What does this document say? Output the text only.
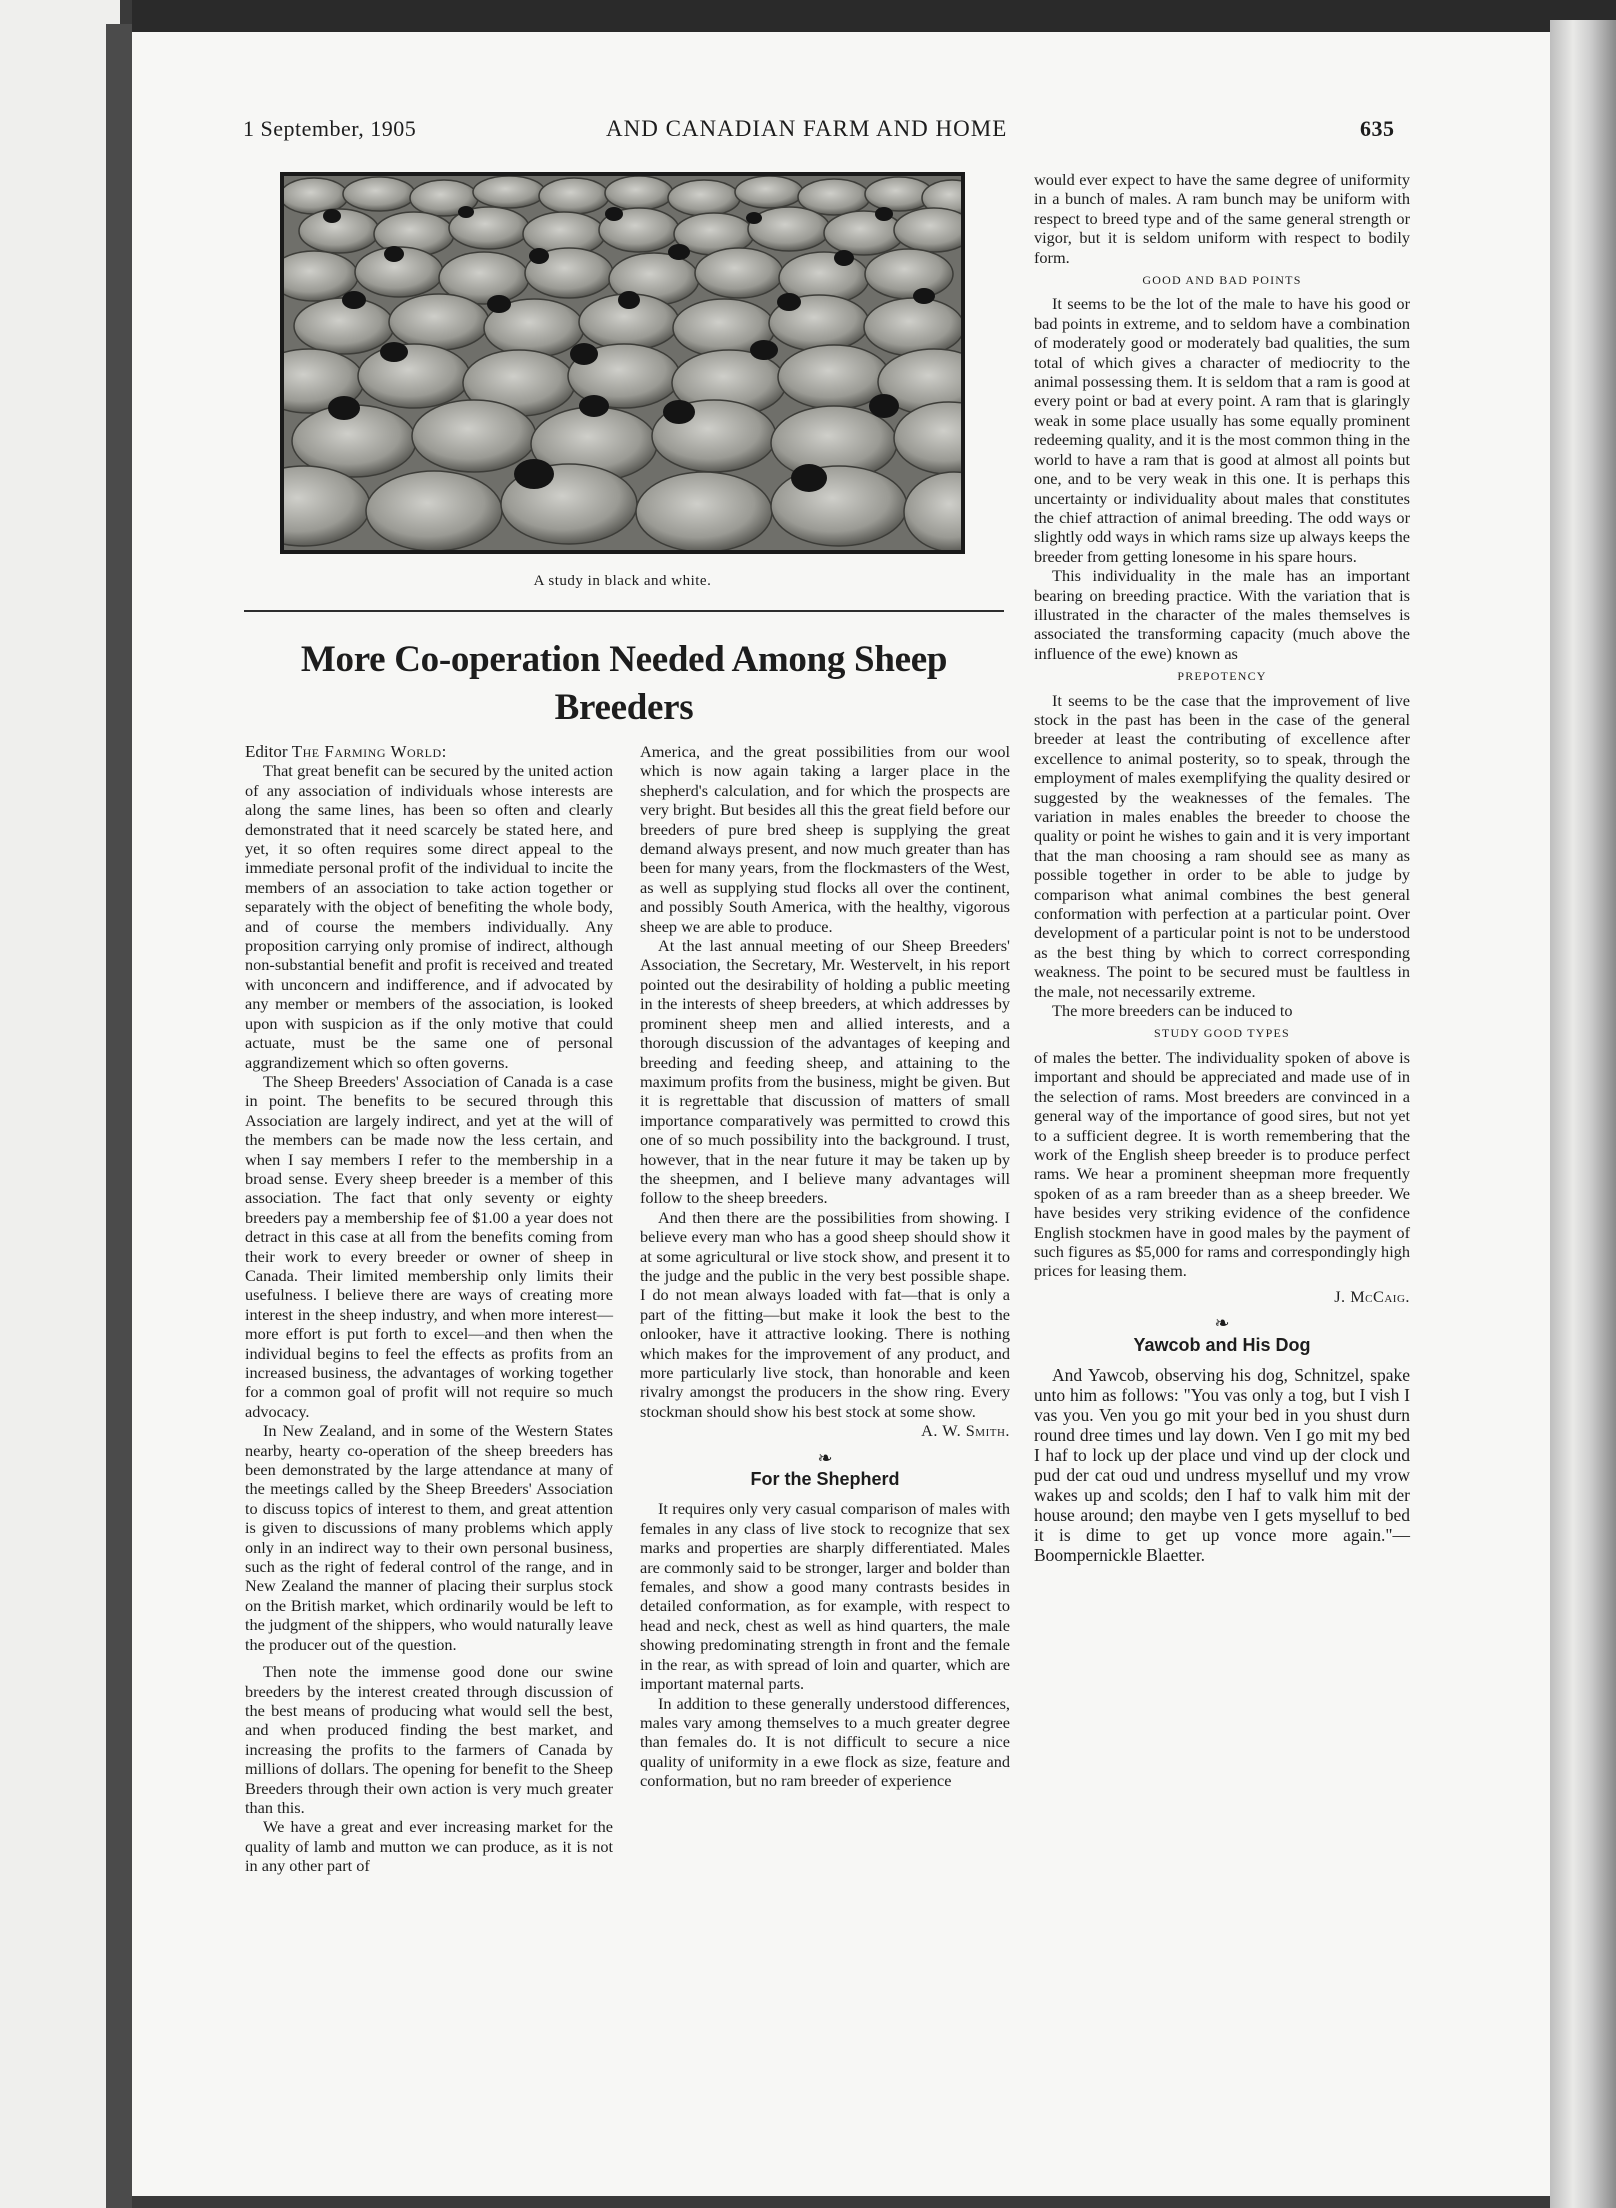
1 September, 1905	AND CANADIAN FARM AND HOME	635
A study in black and white.
More Co-operation Needed Among Sheep Breeders

Editor The Farming World:

That great benefit can be secured by the united action of any association of individuals whose interests are along the same lines, has been so often and clearly demonstrated that it need scarcely be stated here, and yet, it so often requires some direct appeal to the immediate personal profit of the individual to incite the members of an association to take action together or separately with the object of benefiting the whole body, and of course the members individually. Any proposition carrying only promise of indirect, although non-substantial benefit and profit is received and treated with unconcern and indifference, and if advocated by any member or members of the association, is looked upon with suspicion as if the only motive that could actuate, must be the same one of personal aggrandizement which so often governs.

The Sheep Breeders' Association of Canada is a case in point. The benefits to be secured through this Association are largely indirect, and yet at the will of the members can be made now the less certain, and when I say members I refer to the membership in a broad sense. Every sheep breeder is a member of this association. The fact that only seventy or eighty breeders pay a membership fee of $1.00 a year does not detract in this case at all from the benefits coming from their work to every breeder or owner of sheep in Canada. Their limited membership only limits their usefulness. I believe there are ways of creating more interest in the sheep industry, and when more interest—more effort is put forth to excel—and then when the individual begins to feel the effects as profits from an increased business, the advantages of working together for a common goal of profit will not require so much advocacy.

In New Zealand, and in some of the Western States nearby, hearty co-operation of the sheep breeders has been demonstrated by the large attendance at many of the meetings called by the Sheep Breeders' Association to discuss topics of interest to them, and great attention is given to discussions of many problems which apply only in an indirect way to their own personal business, such as the right of federal control of the range, and in New Zealand the manner of placing their surplus stock on the British market, which ordinarily would be left to the judgment of the shippers, who would naturally leave the producer out of the question.

Then note the immense good done our swine breeders by the interest created through discussion of the best means of producing what would sell the best, and when produced finding the best market, and increasing the profits to the farmers of Canada by millions of dollars. The opening for benefit to the Sheep Breeders through their own action is very much greater than this.

We have a great and ever increasing market for the quality of lamb and mutton we can produce, as it is not in any other part of

America, and the great possibilities from our wool which is now again taking a larger place in the shepherd's calculation, and for which the prospects are very bright. But besides all this the great field before our breeders of pure bred sheep is supplying the great demand always present, and now much greater than has been for many years, from the flockmasters of the West, as well as supplying stud flocks all over the continent, and possibly South America, with the healthy, vigorous sheep we are able to produce.

At the last annual meeting of our Sheep Breeders' Association, the Secretary, Mr. Westervelt, in his report pointed out the desirability of holding a public meeting in the interests of sheep breeders, at which addresses by prominent sheep men and allied interests, and a thorough discussion of the advantages of keeping and breeding and feeding sheep, and attaining to the maximum profits from the business, might be given. But it is regrettable that discussion of matters of small importance comparatively was permitted to crowd this one of so much possibility into the background. I trust, however, that in the near future it may be taken up by the sheepmen, and I believe many advantages will follow to the sheep breeders.

And then there are the possibilities from showing. I believe every man who has a good sheep should show it at some agricultural or live stock show, and present it to the judge and the public in the very best possible shape. I do not mean always loaded with fat—that is only a part of the fitting—but make it look the best to the onlooker, have it attractive looking. There is nothing which makes for the improvement of any product, and more particularly live stock, than honorable and keen rivalry amongst the producers in the show ring. Every stockman should show his best stock at some show.

A. W. Smith.

❧
For the Shepherd

It requires only very casual comparison of males with females in any class of live stock to recognize that sex marks and properties are sharply differentiated. Males are commonly said to be stronger, larger and bolder than females, and show a good many contrasts besides in detailed conformation, as for example, with respect to head and neck, chest as well as hind quarters, the male showing predominating strength in front and the female in the rear, as with spread of loin and quarter, which are important maternal parts.

In addition to these generally understood differences, males vary among themselves to a much greater degree than females do. It is not difficult to secure a nice quality of uniformity in a ewe flock as size, feature and conformation, but no ram breeder of experience

would ever expect to have the same degree of uniformity in a bunch of males. A ram bunch may be uniform with respect to breed type and of the same general strength or vigor, but it is seldom uniform with respect to bodily form.

GOOD AND BAD POINTS

It seems to be the lot of the male to have his good or bad points in extreme, and to seldom have a combination of moderately good or moderately bad qualities, the sum total of which gives a character of mediocrity to the animal possessing them. It is seldom that a ram is good at every point or bad at every point. A ram that is glaringly weak in some place usually has some equally prominent redeeming quality, and it is the most common thing in the world to have a ram that is good at almost all points but one, and to be very weak in this one. It is perhaps this uncertainty or individuality about males that constitutes the chief attraction of animal breeding. The odd ways or slightly odd ways in which rams size up always keeps the breeder from getting lonesome in his spare hours.

This individuality in the male has an important bearing on breeding practice. With the variation that is illustrated in the character of the males themselves is associated the transforming capacity (much above the influence of the ewe) known as

PREPOTENCY

It seems to be the case that the improvement of live stock in the past has been in the case of the general breeder at least the contributing of excellence after excellence to animal posterity, so to speak, through the employment of males exemplifying the quality desired or suggested by the weaknesses of the females. The variation in males enables the breeder to choose the quality or point he wishes to gain and it is very important that the man choosing a ram should see as many as possible together in order to be able to judge by comparison what animal combines the best general conformation with perfection at a particular point. Over development of a particular point is not to be understood as the best thing by which to correct corresponding weakness. The point to be secured must be faultless in the male, not necessarily extreme.

The more breeders can be induced to

STUDY GOOD TYPES

of males the better. The individuality spoken of above is important and should be appreciated and made use of in the selection of rams. Most breeders are convinced in a general way of the importance of good sires, but not yet to a sufficient degree. It is worth remembering that the work of the English sheep breeder is to produce perfect rams. We hear a prominent sheepman more frequently spoken of as a ram breeder than as a sheep breeder. We have besides very striking evidence of the confidence English stockmen have in good males by the payment of such figures as $5,000 for rams and correspondingly high prices for leasing them.

J. McCaig.

❧
Yawcob and His Dog

And Yawcob, observing his dog, Schnitzel, spake unto him as follows: "You vas only a tog, but I vish I vas you. Ven you go mit your bed in you shust durn round dree times und lay down. Ven I go mit my bed I haf to lock up der place und vind up der clock und pud der cat oud und undress myselluf und my vrow wakes up and scolds; den I haf to valk him mit der house around; den maybe ven I gets myselluf to bed it is dime to get up vonce more again."—Boompernickle Blaetter.
